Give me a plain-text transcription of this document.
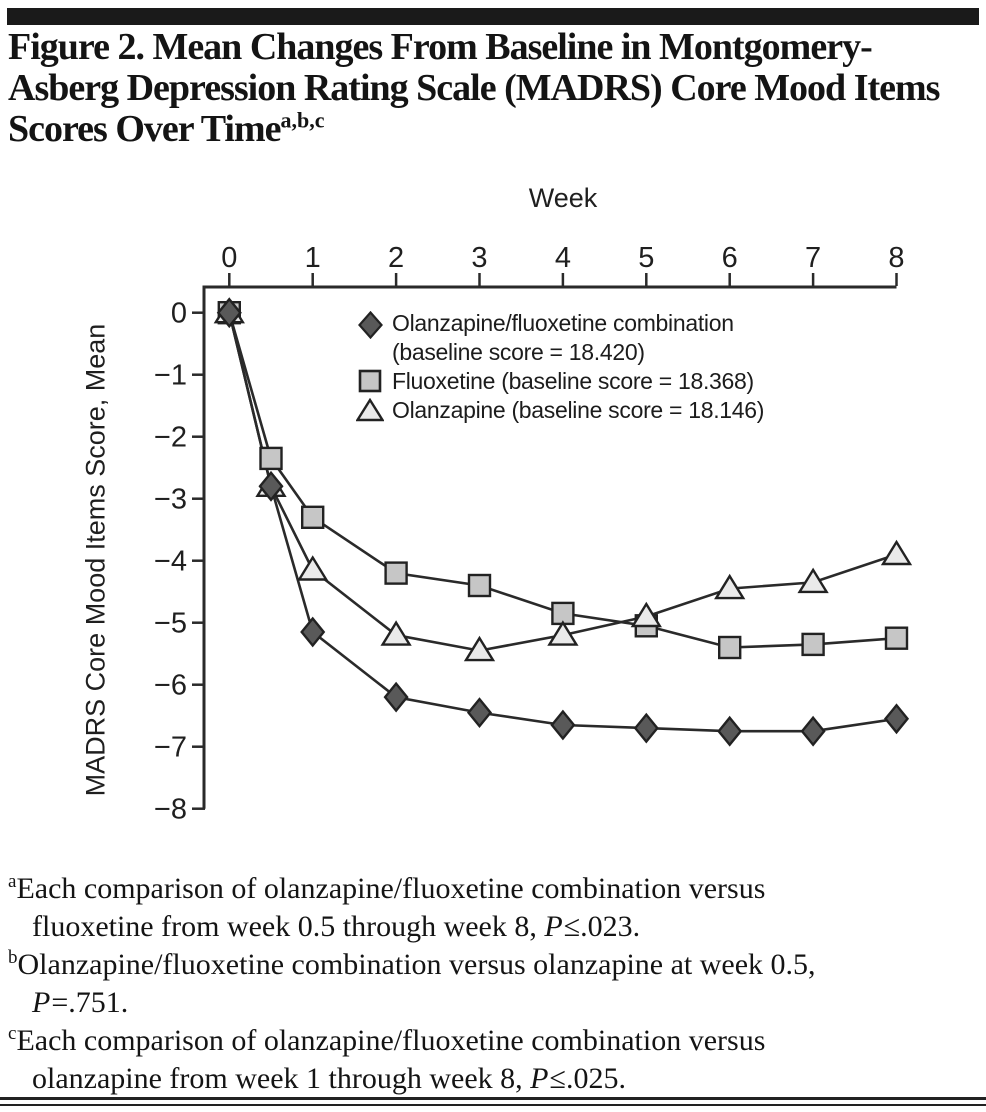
Figure 2. Mean Changes From Baseline in Montgomery-
Asberg Depression Rating Scale (MADRS) Core Mood Items
Scores Over Time$^{a,b,c}$
0 1 2 3 4 5 6 7 8
0
−1
−2
−3
−4
−5
−6
−7
−8
Week
MADRS Core Mood Items Score, Mean
Olanzapine/fluoxetine combination
(baseline score = 18.420)
Fluoxetine (baseline score = 18.368)
Olanzapine (baseline score = 18.146)
$^a$Each comparison of olanzapine/fluoxetine combination versus
fluoxetine from week 0.5 through week 8, P≤.023.
$^b$Olanzapine/fluoxetine combination versus olanzapine at week 0.5,
P=.751.
$^c$Each comparison of olanzapine/fluoxetine combination versus
olanzapine from week 1 through week 8, P≤.025.
